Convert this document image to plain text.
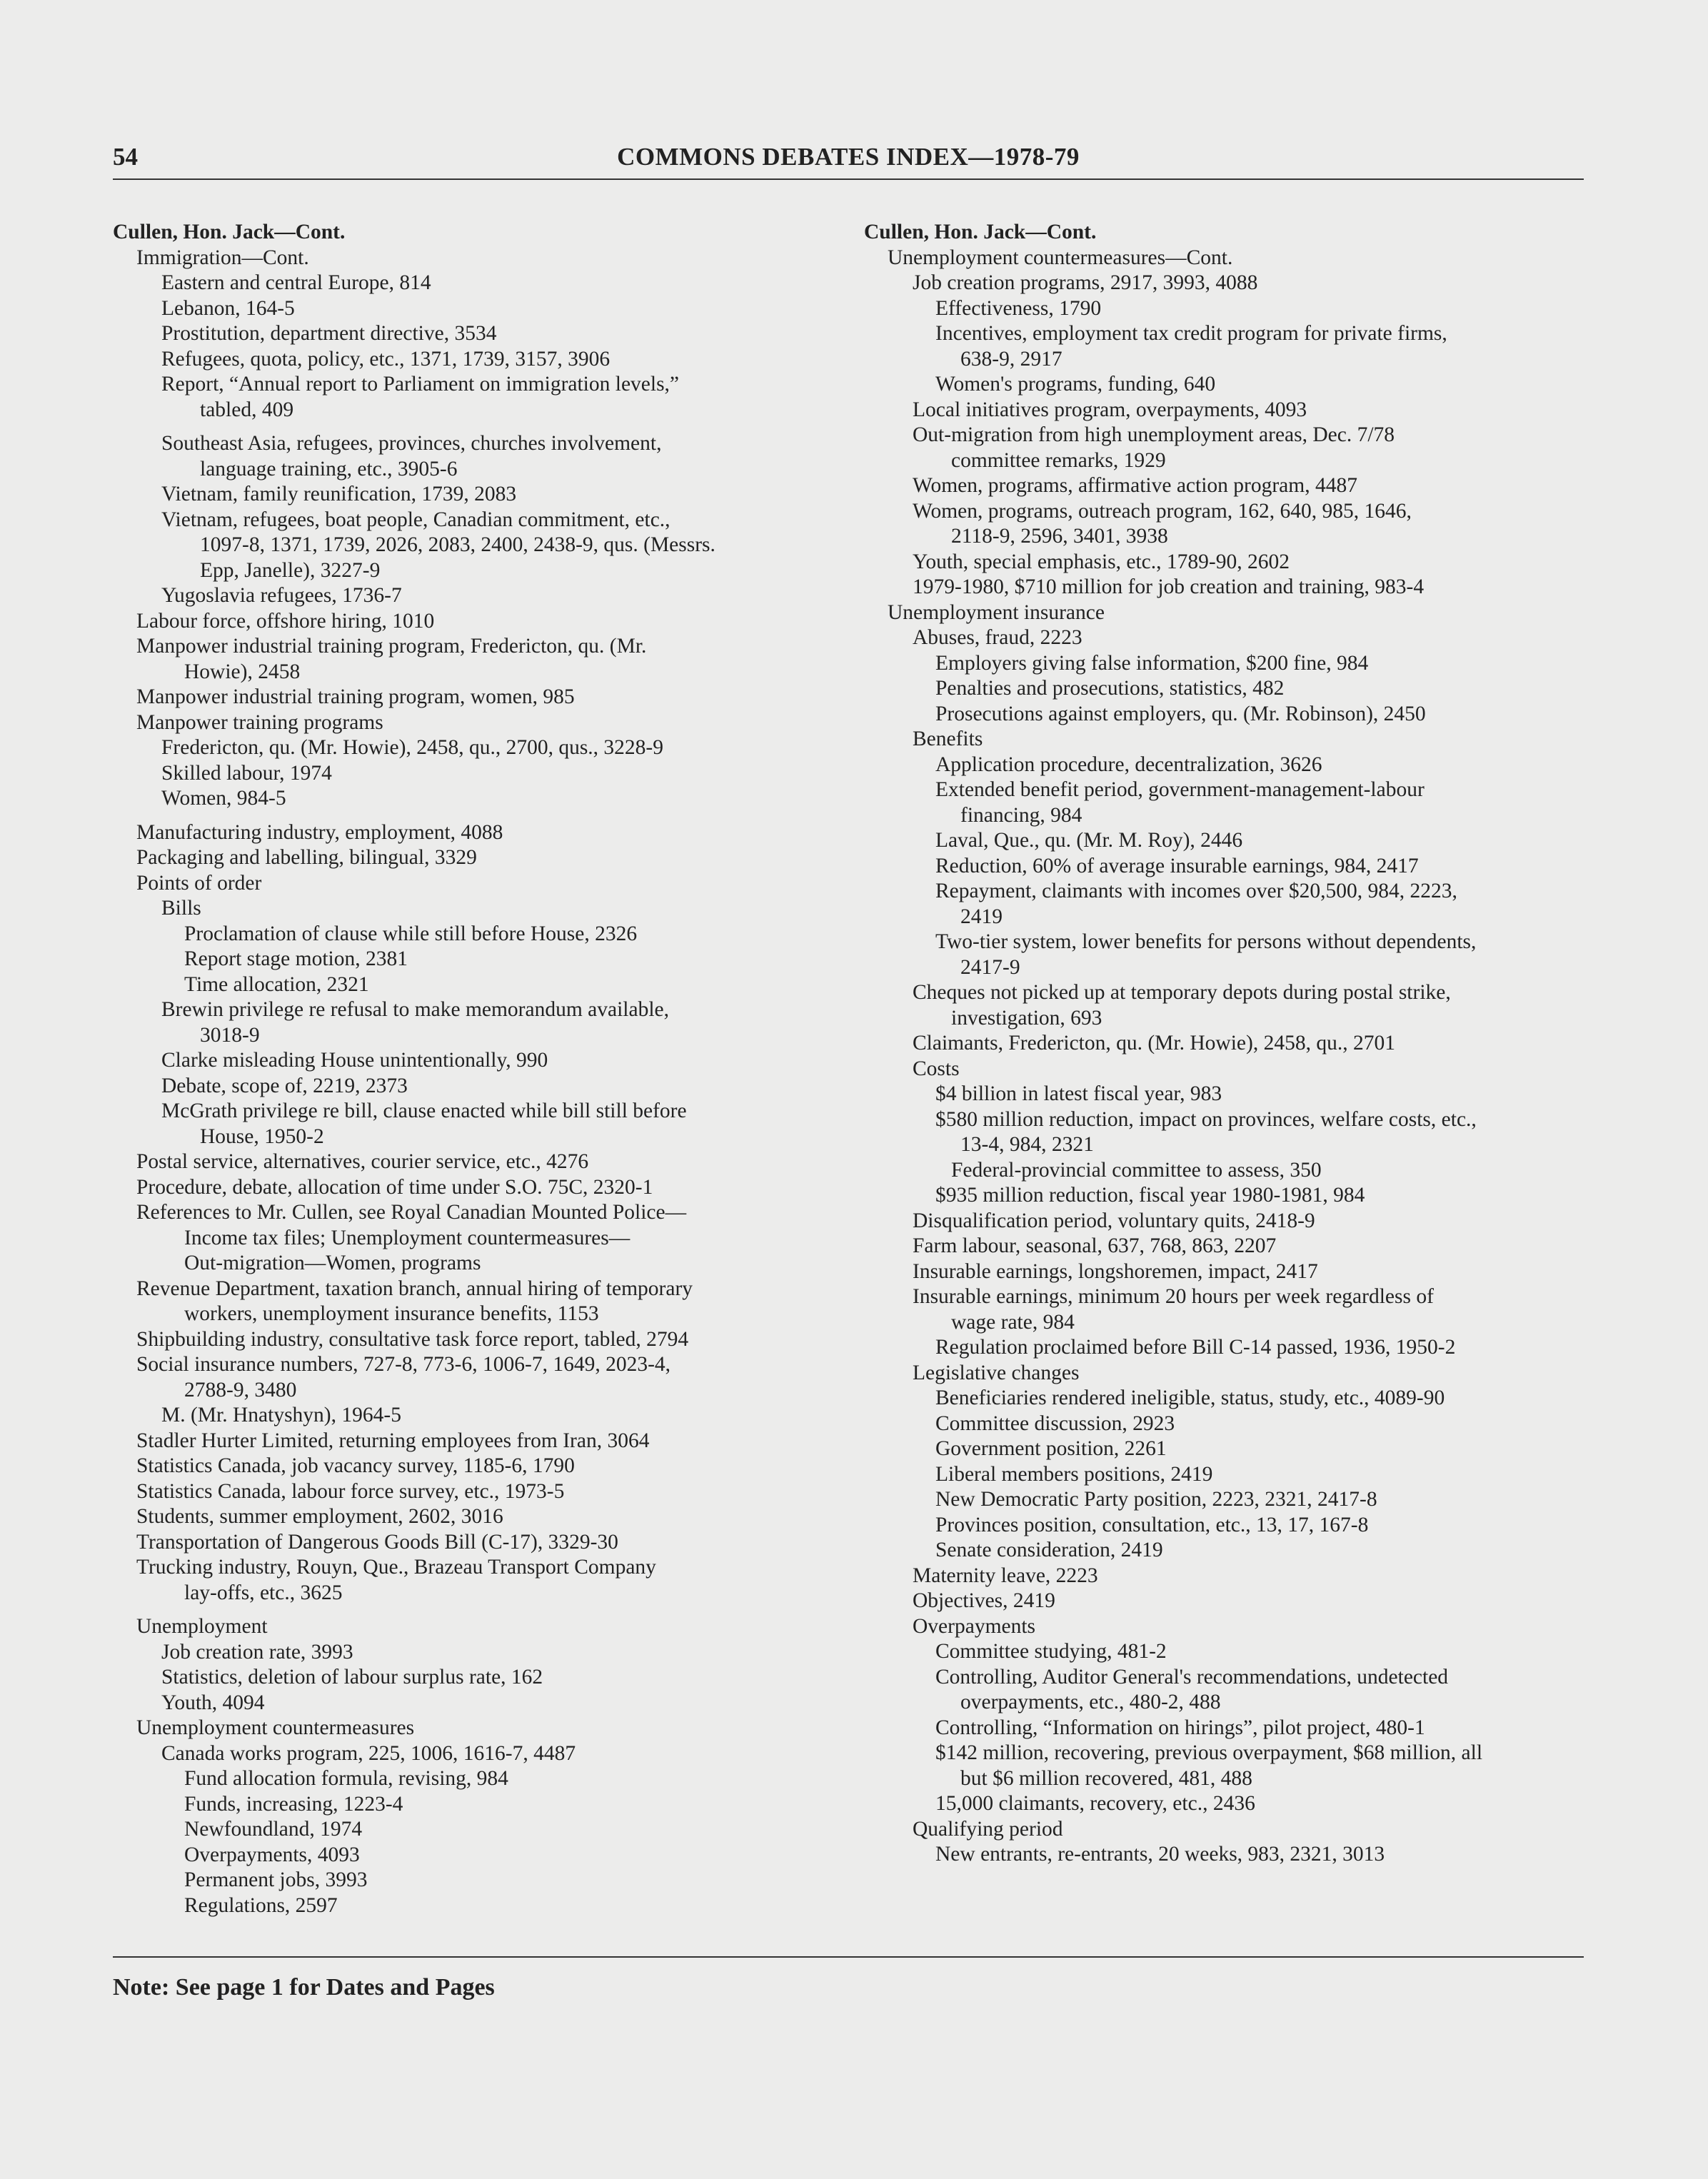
54	COMMONS DEBATES INDEX—1978-79
Cullen, Hon. Jack—Cont.
Immigration—Cont.
Eastern and central Europe, 814
Lebanon, 164-5
Prostitution, department directive, 3534
Refugees, quota, policy, etc., 1371, 1739, 3157, 3906
Report, “Annual report to Parliament on immigration levels,”
tabled, 409
Southeast Asia, refugees, provinces, churches involvement,
language training, etc., 3905-6
Vietnam, family reunification, 1739, 2083
Vietnam, refugees, boat people, Canadian commitment, etc.,
1097-8, 1371, 1739, 2026, 2083, 2400, 2438-9, qus. (Messrs.
Epp, Janelle), 3227-9
Yugoslavia refugees, 1736-7
Labour force, offshore hiring, 1010
Manpower industrial training program, Fredericton, qu. (Mr.
Howie), 2458
Manpower industrial training program, women, 985
Manpower training programs
Fredericton, qu. (Mr. Howie), 2458, qu., 2700, qus., 3228-9
Skilled labour, 1974
Women, 984-5
Manufacturing industry, employment, 4088
Packaging and labelling, bilingual, 3329
Points of order
Bills
Proclamation of clause while still before House, 2326
Report stage motion, 2381
Time allocation, 2321
Brewin privilege re refusal to make memorandum available,
3018-9
Clarke misleading House unintentionally, 990
Debate, scope of, 2219, 2373
McGrath privilege re bill, clause enacted while bill still before
House, 1950-2
Postal service, alternatives, courier service, etc., 4276
Procedure, debate, allocation of time under S.O. 75C, 2320-1
References to Mr. Cullen, see Royal Canadian Mounted Police—
Income tax files; Unemployment countermeasures—
Out-migration—Women, programs
Revenue Department, taxation branch, annual hiring of temporary
workers, unemployment insurance benefits, 1153
Shipbuilding industry, consultative task force report, tabled, 2794
Social insurance numbers, 727-8, 773-6, 1006-7, 1649, 2023-4,
2788-9, 3480
M. (Mr. Hnatyshyn), 1964-5
Stadler Hurter Limited, returning employees from Iran, 3064
Statistics Canada, job vacancy survey, 1185-6, 1790
Statistics Canada, labour force survey, etc., 1973-5
Students, summer employment, 2602, 3016
Transportation of Dangerous Goods Bill (C-17), 3329-30
Trucking industry, Rouyn, Que., Brazeau Transport Company
lay-offs, etc., 3625
Unemployment
Job creation rate, 3993
Statistics, deletion of labour surplus rate, 162
Youth, 4094
Unemployment countermeasures
Canada works program, 225, 1006, 1616-7, 4487
Fund allocation formula, revising, 984
Funds, increasing, 1223-4
Newfoundland, 1974
Overpayments, 4093
Permanent jobs, 3993
Regulations, 2597
Cullen, Hon. Jack—Cont.
Unemployment countermeasures—Cont.
Job creation programs, 2917, 3993, 4088
Effectiveness, 1790
Incentives, employment tax credit program for private firms,
638-9, 2917
Women's programs, funding, 640
Local initiatives program, overpayments, 4093
Out-migration from high unemployment areas, Dec. 7/78
committee remarks, 1929
Women, programs, affirmative action program, 4487
Women, programs, outreach program, 162, 640, 985, 1646,
2118-9, 2596, 3401, 3938
Youth, special emphasis, etc., 1789-90, 2602
1979-1980, $710 million for job creation and training, 983-4
Unemployment insurance
Abuses, fraud, 2223
Employers giving false information, $200 fine, 984
Penalties and prosecutions, statistics, 482
Prosecutions against employers, qu. (Mr. Robinson), 2450
Benefits
Application procedure, decentralization, 3626
Extended benefit period, government-management-labour
financing, 984
Laval, Que., qu. (Mr. M. Roy), 2446
Reduction, 60% of average insurable earnings, 984, 2417
Repayment, claimants with incomes over $20,500, 984, 2223,
2419
Two-tier system, lower benefits for persons without dependents,
2417-9
Cheques not picked up at temporary depots during postal strike,
investigation, 693
Claimants, Fredericton, qu. (Mr. Howie), 2458, qu., 2701
Costs
$4 billion in latest fiscal year, 983
$580 million reduction, impact on provinces, welfare costs, etc.,
13-4, 984, 2321
Federal-provincial committee to assess, 350
$935 million reduction, fiscal year 1980-1981, 984
Disqualification period, voluntary quits, 2418-9
Farm labour, seasonal, 637, 768, 863, 2207
Insurable earnings, longshoremen, impact, 2417
Insurable earnings, minimum 20 hours per week regardless of
wage rate, 984
Regulation proclaimed before Bill C-14 passed, 1936, 1950-2
Legislative changes
Beneficiaries rendered ineligible, status, study, etc., 4089-90
Committee discussion, 2923
Government position, 2261
Liberal members positions, 2419
New Democratic Party position, 2223, 2321, 2417-8
Provinces position, consultation, etc., 13, 17, 167-8
Senate consideration, 2419
Maternity leave, 2223
Objectives, 2419
Overpayments
Committee studying, 481-2
Controlling, Auditor General's recommendations, undetected
overpayments, etc., 480-2, 488
Controlling, “Information on hirings”, pilot project, 480-1
$142 million, recovering, previous overpayment, $68 million, all
but $6 million recovered, 481, 488
15,000 claimants, recovery, etc., 2436
Qualifying period
New entrants, re-entrants, 20 weeks, 983, 2321, 3013
Note: See page 1 for Dates and Pages
